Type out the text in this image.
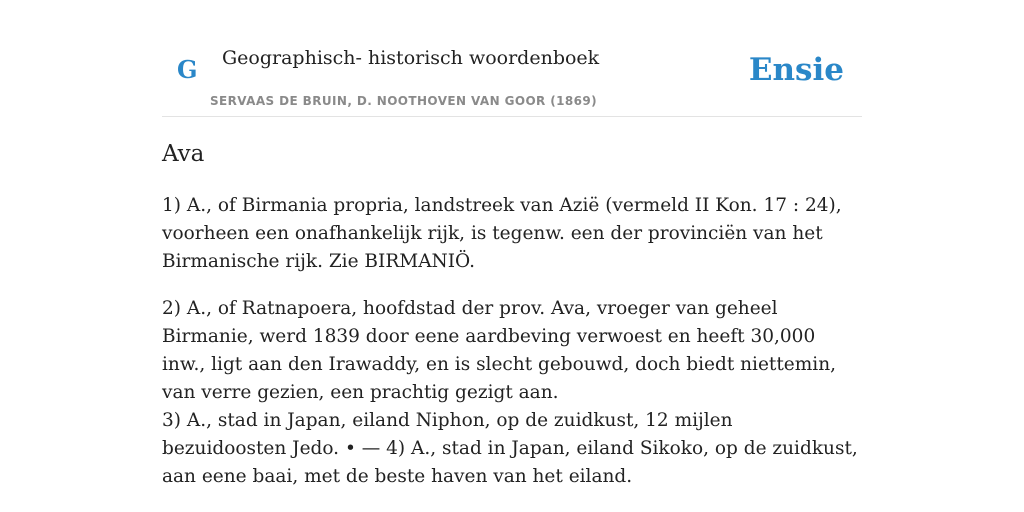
G Geographisch- historisch woordenboek
SERVAAS DE BRUIN, D. NOOTHOVEN VAN GOOR (1869)
Ensie
Ava

1) A., of Birmania propria, landstreek van Azië (vermeld II Kon. 17 : 24), voorheen een onafhankelijk rijk, is tegenw. een der provinciën van het Birmanische rijk. Zie BIRMANIÖ.

2) A., of Ratnapoera, hoofdstad der prov. Ava, vroeger van geheel Birmanie, werd 1839 door eene aardbeving verwoest en heeft 30,000 inw., ligt aan den Irawaddy, en is slecht gebouwd, doch biedt niettemin, van verre gezien, een prachtig gezigt aan.

3) A., stad in Japan, eiland Niphon, op de zuidkust, 12 mijlen bezuidoosten Jedo. • — 4) A., stad in Japan, eiland Sikoko, op de zuidkust, aan eene baai, met de beste haven van het eiland.
